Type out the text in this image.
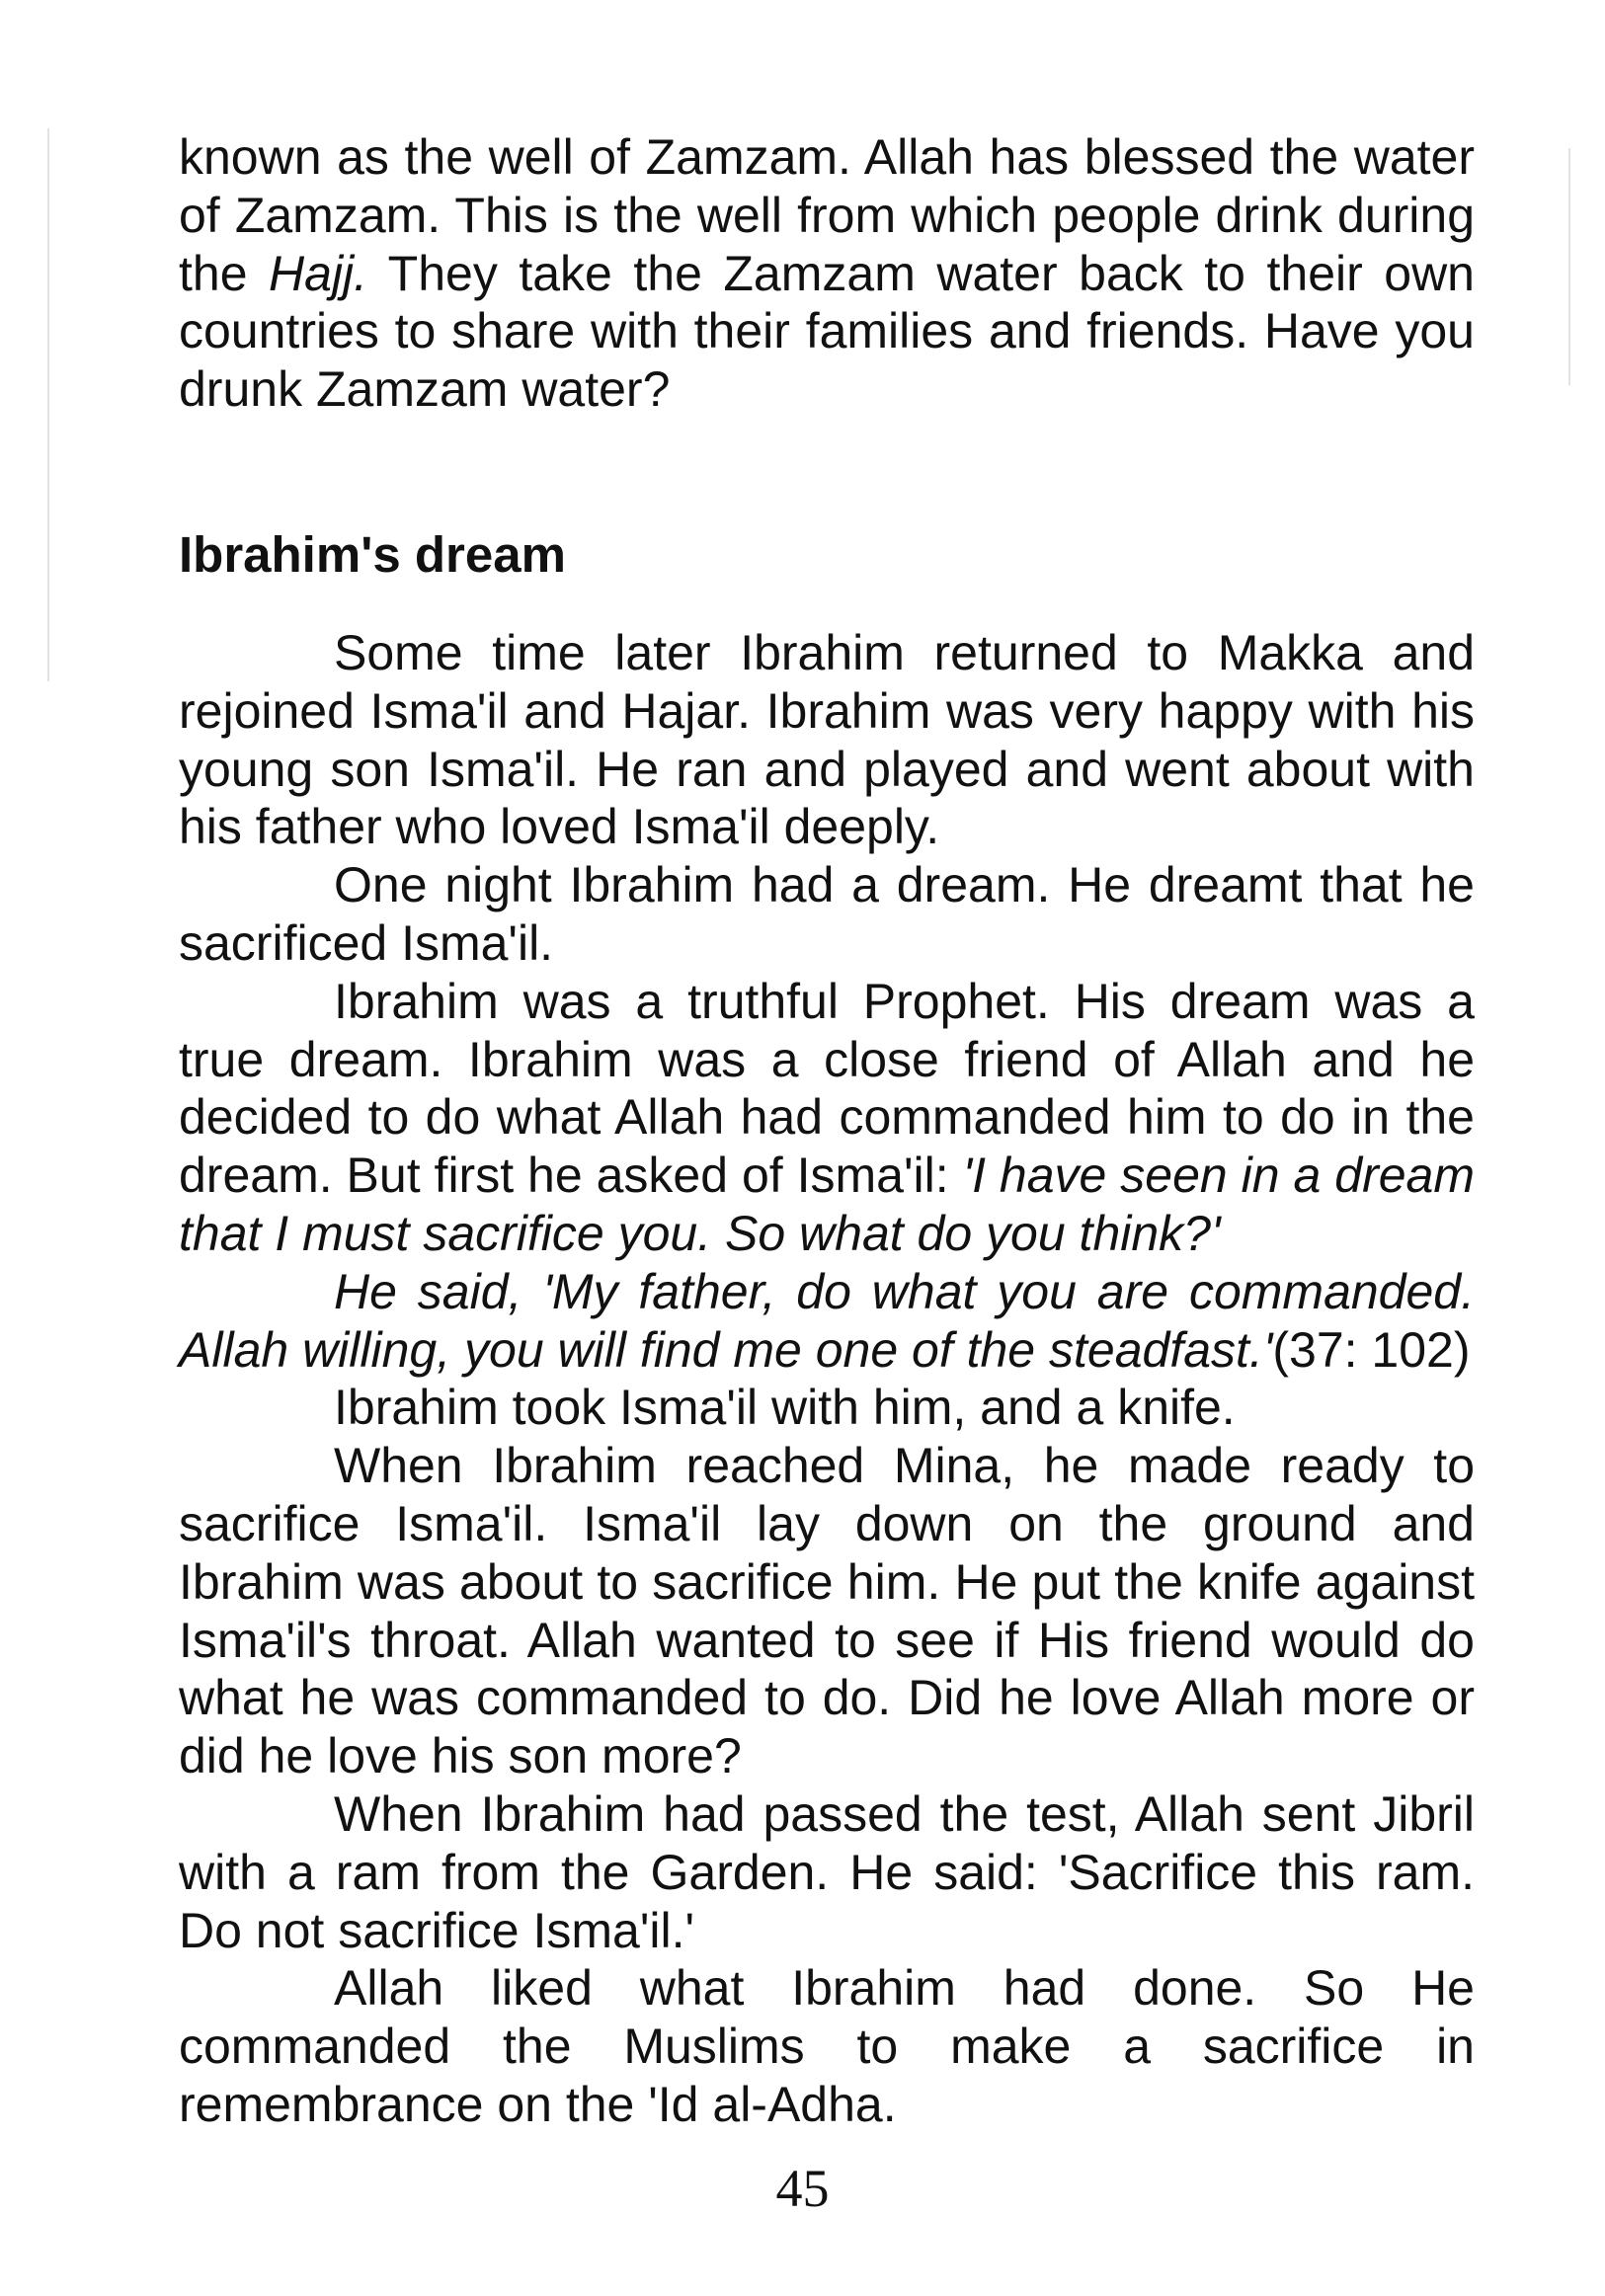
known as the well of Zamzam. Allah has blessed the water of Zamzam. This is the well from which people drink during the Hajj. They take the Zamzam water back to their own countries to share with their families and friends. Have you drunk Zamzam water?

Ibrahim's dream

Some time later Ibrahim returned to Makka and rejoined Isma'il and Hajar. Ibrahim was very happy with his young son Isma'il. He ran and played and went about with his father who loved Isma'il deeply.

One night Ibrahim had a dream. He dreamt that he sacrificed Isma'il.

Ibrahim was a truthful Prophet. His dream was a true dream. Ibrahim was a close friend of Allah and he decided to do what Allah had commanded him to do in the dream. But first he asked of Isma'il: 'I have seen in a dream that I must sacrifice you. So what do you think?'

He said, 'My father, do what you are commanded. Allah willing, you will find me one of the steadfast.'(37: 102)

Ibrahim took Isma'il with him, and a knife.

When Ibrahim reached Mina, he made ready to sacrifice Isma'il. Isma'il lay down on the ground and Ibrahim was about to sacrifice him. He put the knife against Isma'il's throat. Allah wanted to see if His friend would do what he was commanded to do. Did he love Allah more or did he love his son more?

When Ibrahim had passed the test, Allah sent Jibril with a ram from the Garden. He said: 'Sacrifice this ram. Do not sacrifice Isma'il.'

Allah liked what Ibrahim had done. So He commanded the Muslims to make a sacrifice in remembrance on the 'Id al-Adha.

45
